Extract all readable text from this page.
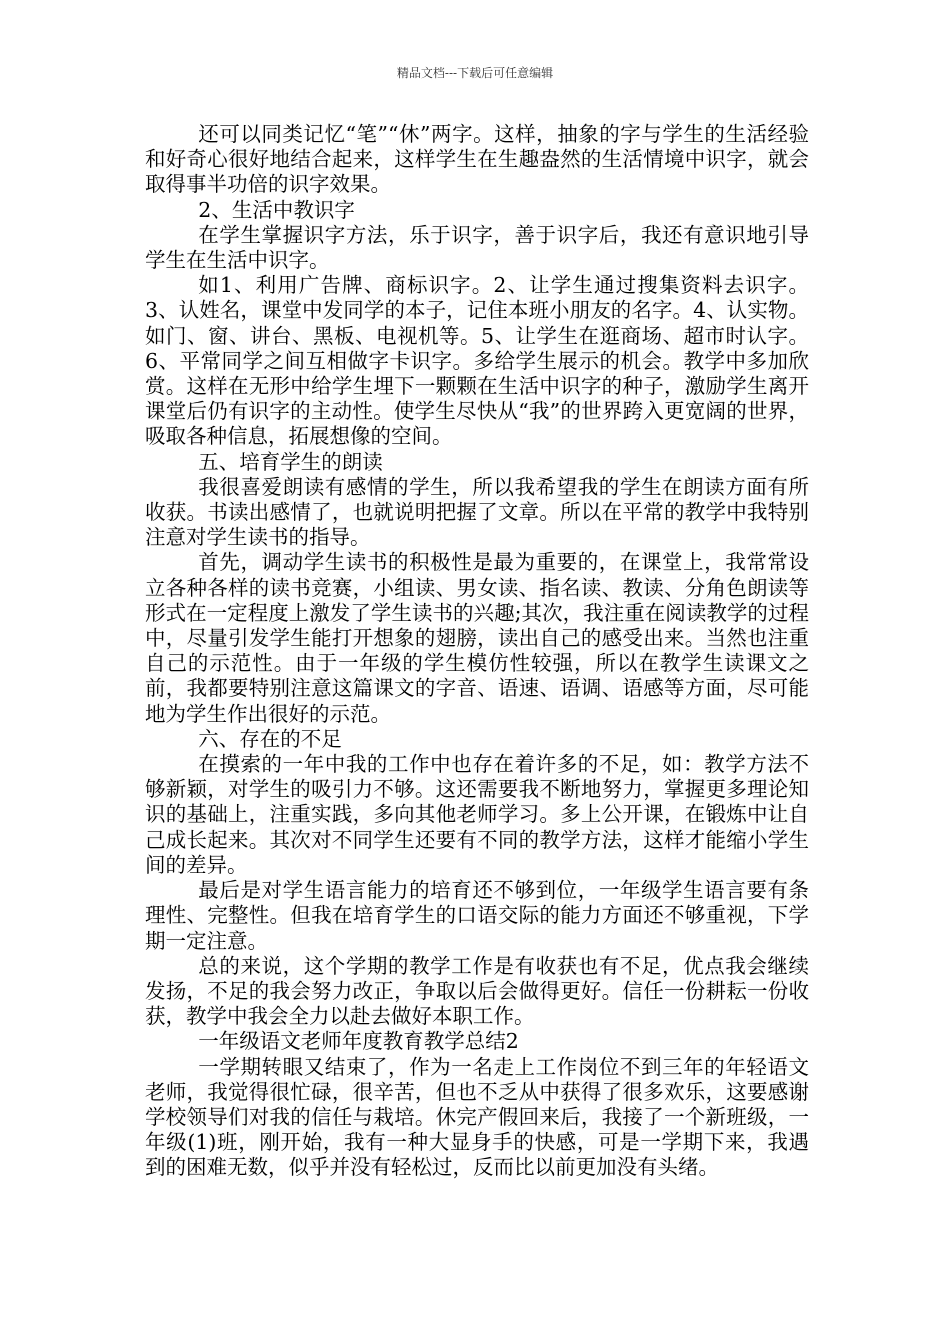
精品文档---下载后可任意编辑

还可以同类记忆“笔”“休”两字。这样，抽象的字与学生的生活经验和好奇心很好地结合起来，这样学生在生趣盎然的生活情境中识字，就会取得事半功倍的识字效果。

2、生活中教识字

在学生掌握识字方法，乐于识字，善于识字后，我还有意识地引导学生在生活中识字。

如1、利用广告牌、商标识字。2、让学生通过搜集资料去识字。3、认姓名，课堂中发同学的本子，记住本班小朋友的名字。4、认实物。如门、窗、讲台、黑板、电视机等。5、让学生在逛商场、超市时认字。6、平常同学之间互相做字卡识字。多给学生展示的机会。教学中多加欣赏。这样在无形中给学生埋下一颗颗在生活中识字的种子，激励学生离开课堂后仍有识字的主动性。使学生尽快从“我”的世界跨入更宽阔的世界，吸取各种信息，拓展想像的空间。

五、培育学生的朗读

我很喜爱朗读有感情的学生，所以我希望我的学生在朗读方面有所收获。书读出感情了，也就说明把握了文章。所以在平常的教学中我特别注意对学生读书的指导。

首先，调动学生读书的积极性是最为重要的，在课堂上，我常常设立各种各样的读书竞赛，小组读、男女读、指名读、教读、分角色朗读等形式在一定程度上激发了学生读书的兴趣;其次，我注重在阅读教学的过程中，尽量引发学生能打开想象的翅膀，读出自己的感受出来。当然也注重自己的示范性。由于一年级的学生模仿性较强，所以在教学生读课文之前，我都要特别注意这篇课文的字音、语速、语调、语感等方面，尽可能地为学生作出很好的示范。

六、存在的不足

在摸索的一年中我的工作中也存在着许多的不足，如：教学方法不够新颖，对学生的吸引力不够。这还需要我不断地努力，掌握更多理论知识的基础上，注重实践，多向其他老师学习。多上公开课，在锻炼中让自己成长起来。其次对不同学生还要有不同的教学方法，这样才能缩小学生间的差异。

最后是对学生语言能力的培育还不够到位，一年级学生语言要有条理性、完整性。但我在培育学生的口语交际的能力方面还不够重视，下学期一定注意。

总的来说，这个学期的教学工作是有收获也有不足，优点我会继续发扬，不足的我会努力改正，争取以后会做得更好。信任一份耕耘一份收获，教学中我会全力以赴去做好本职工作。

一年级语文老师年度教育教学总结2

一学期转眼又结束了，作为一名走上工作岗位不到三年的年轻语文老师，我觉得很忙碌，很辛苦，但也不乏从中获得了很多欢乐，这要感谢学校领导们对我的信任与栽培。休完产假回来后，我接了一个新班级，一年级(1)班，刚开始，我有一种大显身手的快感，可是一学期下来，我遇到的困难无数，似乎并没有轻松过，反而比以前更加没有头绪。
